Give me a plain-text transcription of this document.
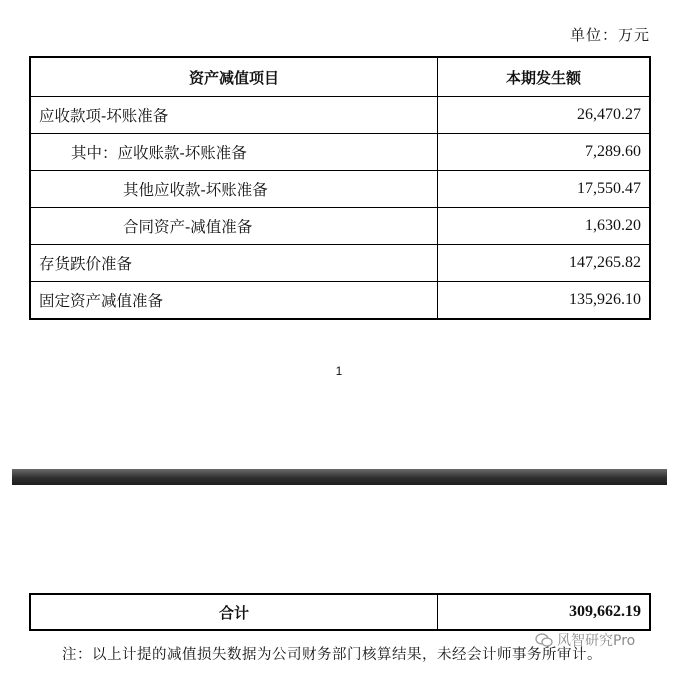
单位：万元
资产减值项目	本期发生额
应收款项-坏账准备	26,470.27
其中：应收账款-坏账准备	7,289.60
其他应收款-坏账准备	17,550.47
合同资产-减值准备	1,630.20
存货跌价准备	147,265.82
固定资产减值准备	135,926.10
1
合计	309,662.19
风智研究Pro
注：以上计提的减值损失数据为公司财务部门核算结果，未经会计师事务所审计。
